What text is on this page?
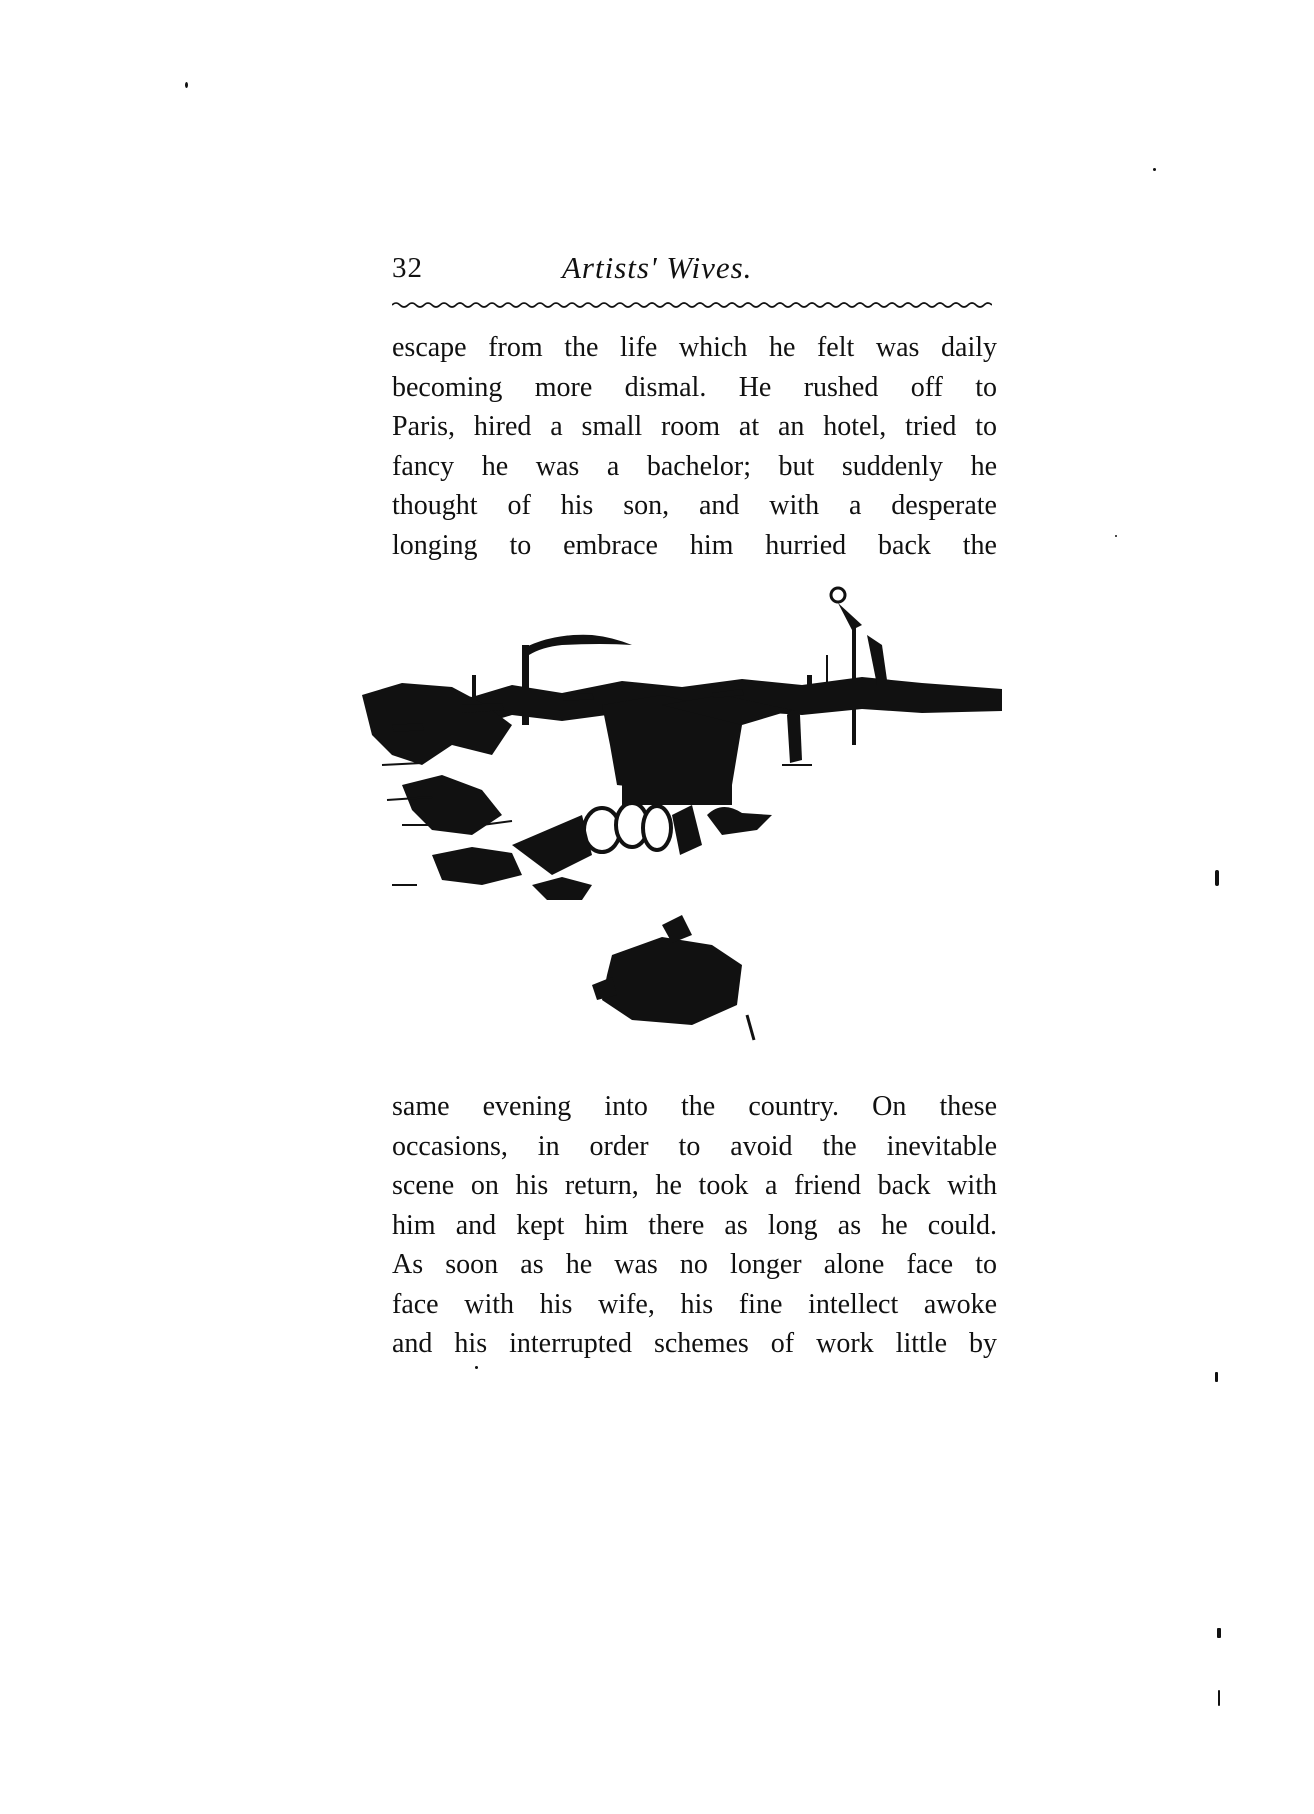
32	Artists' Wives.
escape from the life which he felt was daily
becoming more dismal. He rushed off to
Paris, hired a small room at an hotel, tried to
fancy he was a bachelor; but suddenly he
thought of his son, and with a desperate
longing to embrace him hurried back the
same evening into the country. On these
occasions, in order to avoid the inevitable
scene on his return, he took a friend back with
him and kept him there as long as he could.
As soon as he was no longer alone face to
face with his wife, his fine intellect awoke
and his interrupted schemes of work little by
